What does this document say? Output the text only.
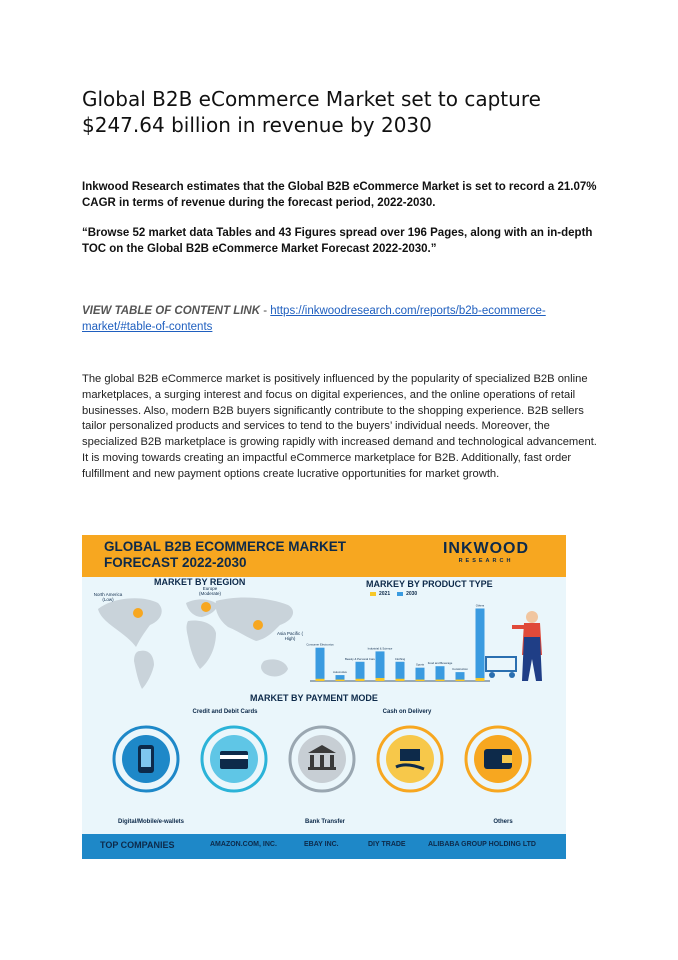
Global B2B eCommerce Market set to capture $247.64 billion in revenue by 2030

Inkwood Research estimates that the Global B2B eCommerce Market is set to record a 21.07% CAGR in terms of revenue during the forecast period, 2022-2030.

“Browse 52 market data Tables and 43 Figures spread over 196 Pages, along with an in-depth TOC on the Global B2B eCommerce Market Forecast 2022-2030.”

VIEW TABLE OF CONTENT LINK - https://inkwoodresearch.com/reports/b2b-ecommerce-market/#table-of-contents

The global B2B eCommerce market is positively influenced by the popularity of specialized B2B online marketplaces, a surging interest and focus on digital experiences, and the online operations of retail businesses. Also, modern B2B buyers significantly contribute to the shopping experience. B2B sellers tailor personalized products and services to tend to the buyers’ individual needs. Moreover, the specialized B2B marketplace is growing rapidly with increased demand and technological advancement. It is moving towards creating an impactful eCommerce marketplace for B2B. Additionally, fast order fulfillment and new payment options create lucrative opportunities for market growth.

GLOBAL B2B ECOMMERCE MARKET
FORECAST 2022-2030
INKWOOD
RESEARCH
MARKET BY REGION
North America (Low)
Europe (Moderate)
Asia Pacific ( High)
MARKEY BY PRODUCT TYPE
2021	2030
Consumer Electronics
Automotive
Beauty & Personal Care
Industrial & Science
Clothing
Sports Food and Beverage
Construction
Others
MARKET BY PAYMENT MODE
Credit and Debit Cards	Cash on Delivery
Digital/Mobile/e-wallets	Bank Transfer	Others
TOP COMPANIES	AMAZON.COM, INC.	EBAY INC.	DIY TRADE	ALIBABA GROUP HOLDING LTD
